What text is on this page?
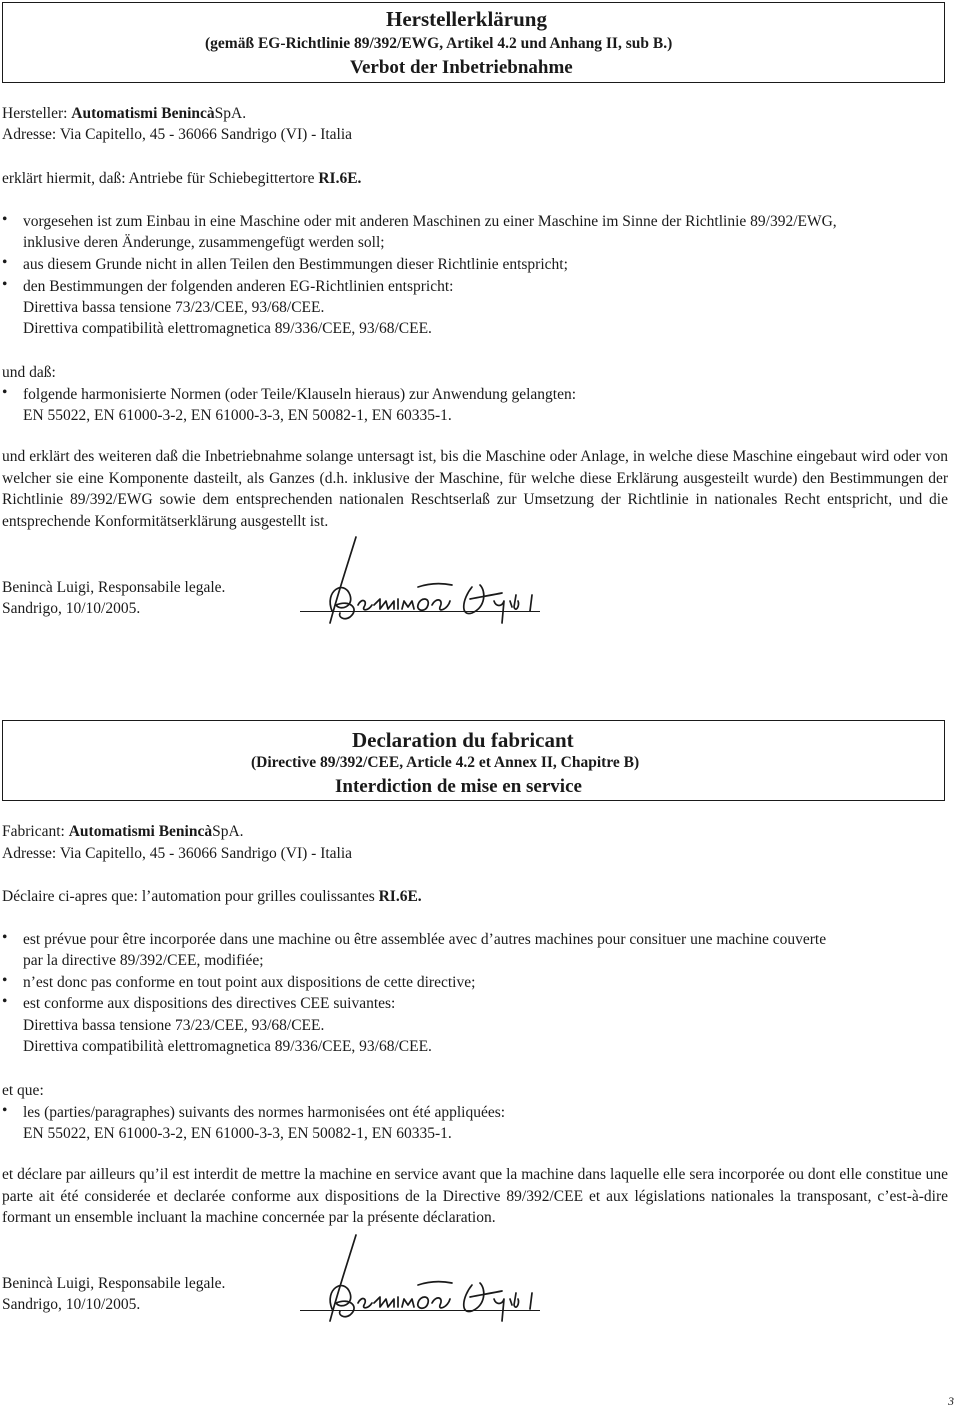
Herstellerklärung
(gemäß EG-Richtlinie 89/392/EWG, Artikel 4.2 und Anhang II, sub B.)
Verbot der Inbetriebnahme
Hersteller: Automatismi BenincàSpA.
Adresse: Via Capitello, 45 - 36066 Sandrigo (VI) - Italia
erklärt hiermit, daß: Antriebe für Schiebegittertore RI.6E.
• vorgesehen ist zum Einbau in eine Maschine oder mit anderen Maschinen zu einer Maschine im Sinne der Richtlinie 89/392/EWG,
inklusive deren Änderunge, zusammengefügt werden soll;
• aus diesem Grunde nicht in allen Teilen den Bestimmungen dieser Richtlinie entspricht;
• den Bestimmungen der folgenden anderen EG-Richtlinien entspricht:
Direttiva bassa tensione 73/23/CEE, 93/68/CEE.
Direttiva compatibilità elettromagnetica 89/336/CEE, 93/68/CEE.
und daß:
• folgende harmonisierte Normen (oder Teile/Klauseln hieraus) zur Anwendung gelangten:
EN 55022, EN 61000-3-2, EN 61000-3-3, EN 50082-1, EN 60335-1.
und erklärt des weiteren daß die Inbetriebnahme solange untersagt ist, bis die Maschine oder Anlage, in welche diese Maschine eingebaut wird oder von welcher sie eine Komponente dasteilt, als Ganzes (d.h. inklusive der Maschine, für welche diese Erklärung ausgesteilt wurde) den Bestimmungen der Richtlinie 89/392/EWG sowie dem entsprechenden nationalen Reschtserlaß zur Umsetzung der Richtlinie in nationales Recht entspricht, und die entsprechende Konformitätserklärung ausgestellt ist.
Benincà Luigi, Responsabile legale.
Sandrigo, 10/10/2005.
Declaration du fabricant
(Directive 89/392/CEE, Article 4.2 et Annex II, Chapitre B)
Interdiction de mise en service
Fabricant: Automatismi BenincàSpA.
Adresse: Via Capitello, 45 - 36066 Sandrigo (VI) - Italia
Déclaire ci-apres que: l’automation pour grilles coulissantes RI.6E.
• est prévue pour être incorporée dans une machine ou être assemblée avec d’autres machines pour consituer une machine couverte
par la directive 89/392/CEE, modifiée;
• n’est donc pas conforme en tout point aux dispositions de cette directive;
• est conforme aux dispositions des directives CEE suivantes:
Direttiva bassa tensione 73/23/CEE, 93/68/CEE.
Direttiva compatibilità elettromagnetica 89/336/CEE, 93/68/CEE.
et que:
• les (parties/paragraphes) suivants des normes harmonisées ont été appliquées:
EN 55022, EN 61000-3-2, EN 61000-3-3, EN 50082-1, EN 60335-1.
et déclare par ailleurs qu’il est interdit de mettre la machine en service avant que la machine dans laquelle elle sera incorporée ou dont elle constitue une parte ait été considerée et declarée conforme aux dispositions de la Directive 89/392/CEE et aux législations nationales la transposant, c’est-à-dire formant un ensemble incluant la machine concernée par la présente déclaration.
Benincà Luigi, Responsabile legale.
Sandrigo, 10/10/2005.
3
